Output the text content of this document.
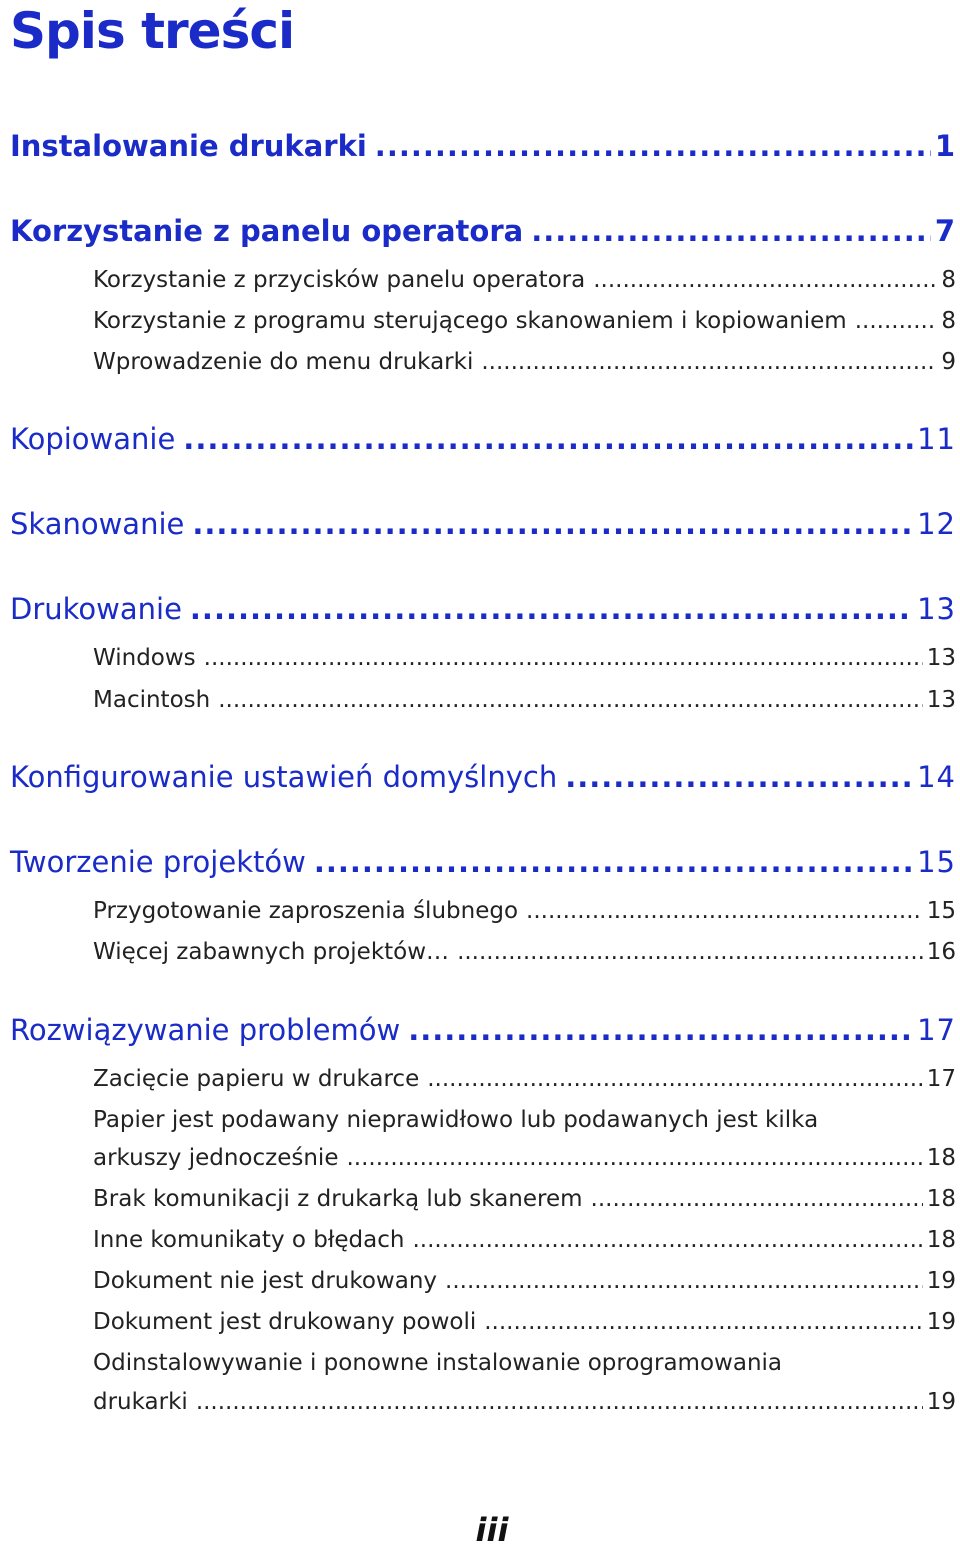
Spis treści
Instalowanie drukarki .....	1
Korzystanie z panelu operatora .....	7
Korzystanie z przycisków panelu operatora .....	8
Korzystanie z programu sterującego skanowaniem i kopiowaniem .....	8
Wprowadzenie do menu drukarki .....	9
Kopiowanie .....	11
Skanowanie .....	12
Drukowanie .....	13
Windows .....	13
Macintosh .....	13
Konfigurowanie ustawień domyślnych .....	14
Tworzenie projektów .....	15
Przygotowanie zaproszenia ślubnego .....	15
Więcej zabawnych projektów… .....	16
Rozwiązywanie problemów .....	17
Zacięcie papieru w drukarce .....	17
Papier jest podawany nieprawidłowo lub podawanych jest kilka
arkuszy jednocześnie .....	18
Brak komunikacji z drukarką lub skanerem .....	18
Inne komunikaty o błędach .....	18
Dokument nie jest drukowany .....	19
Dokument jest drukowany powoli .....	19
Odinstalowywanie i ponowne instalowanie oprogramowania
drukarki .....	19
iii
